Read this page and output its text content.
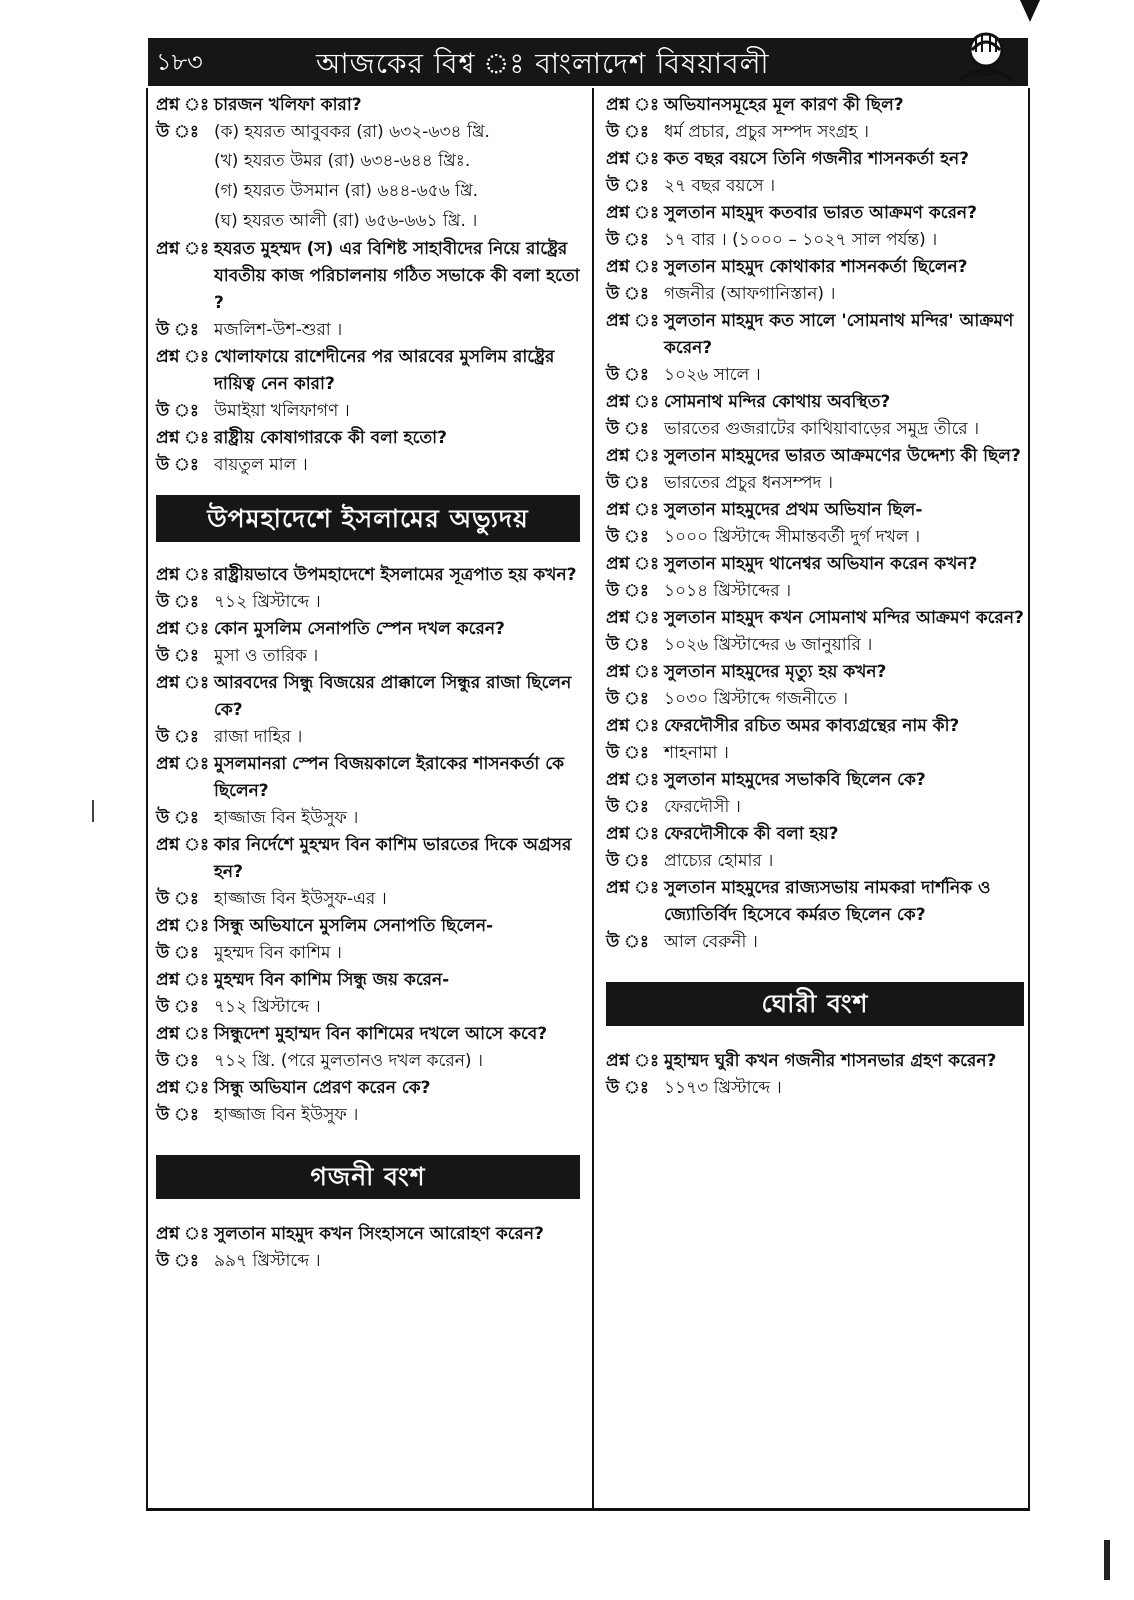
১৮৩	আজকের বিশ্ব ঃ বাংলাদেশ বিষয়াবলী
প্রশ্ন ঃ চারজন খলিফা কারা?
উ ঃ (ক) হযরত আবুবকর (রা) ৬৩২-৬৩৪ খ্রি.
(খ) হযরত উমর (রা) ৬৩৪-৬৪৪ খ্রিঃ.
(গ) হযরত উসমান (রা) ৬৪৪-৬৫৬ খ্রি.
(ঘ) হযরত আলী (রা) ৬৫৬-৬৬১ খ্রি. ।
প্রশ্ন ঃ হযরত মুহম্মদ (স) এর বিশিষ্ট সাহাবীদের নিয়ে রাষ্ট্রের যাবতীয় কাজ পরিচালনায় গঠিত সভাকে কী বলা হতো ?
উ ঃ মজলিশ-উশ-শুরা ।
প্রশ্ন ঃ খোলাফায়ে রাশেদীনের পর আরবের মুসলিম রাষ্ট্রের দায়িত্ব নেন কারা?
উ ঃ উমাইয়া খলিফাগণ ।
প্রশ্ন ঃ রাষ্ট্রীয় কোষাগারকে কী বলা হতো?
উ ঃ বায়তুল মাল ।
উপমহাদেশে ইসলামের অভ্যুদয়
প্রশ্ন ঃ রাষ্ট্রীয়ভাবে উপমহাদেশে ইসলামের সূত্রপাত হয় কখন?
উ ঃ ৭১২ খ্রিস্টাব্দে ।
প্রশ্ন ঃ কোন মুসলিম সেনাপতি স্পেন দখল করেন?
উ ঃ মুসা ও তারিক ।
প্রশ্ন ঃ আরবদের সিন্ধু বিজয়ের প্রাক্কালে সিন্ধুর রাজা ছিলেন কে?
উ ঃ রাজা দাহির ।
প্রশ্ন ঃ মুসলমানরা স্পেন বিজয়কালে ইরাকের শাসনকর্তা কে ছিলেন?
উ ঃ হাজ্জাজ বিন ইউসুফ ।
প্রশ্ন ঃ কার নির্দেশে মুহম্মদ বিন কাশিম ভারতের দিকে অগ্রসর হন?
উ ঃ হাজ্জাজ বিন ইউসুফ-এর ।
প্রশ্ন ঃ সিন্ধু অভিযানে মুসলিম সেনাপতি ছিলেন-
উ ঃ মুহম্মদ বিন কাশিম ।
প্রশ্ন ঃ মুহম্মদ বিন কাশিম সিন্ধু জয় করেন-
উ ঃ ৭১২ খ্রিস্টাব্দে ।
প্রশ্ন ঃ সিন্ধুদেশ মুহাম্মদ বিন কাশিমের দখলে আসে কবে?
উ ঃ ৭১২ খ্রি. (পরে মুলতানও দখল করেন) ।
প্রশ্ন ঃ সিন্ধু অভিযান প্রেরণ করেন কে?
উ ঃ হাজ্জাজ বিন ইউসুফ ।
গজনী বংশ
প্রশ্ন ঃ সুলতান মাহমুদ কখন সিংহাসনে আরোহণ করেন?
উ ঃ ৯৯৭ খ্রিস্টাব্দে ।
প্রশ্ন ঃ অভিযানসমূহের মূল কারণ কী ছিল?
উ ঃ ধর্ম প্রচার, প্রচুর সম্পদ সংগ্রহ ।
প্রশ্ন ঃ কত বছর বয়সে তিনি গজনীর শাসনকর্তা হন?
উ ঃ ২৭ বছর বয়সে ।
প্রশ্ন ঃ সুলতান মাহমুদ কতবার ভারত আক্রমণ করেন?
উ ঃ ১৭ বার । (১০০০ – ১০২৭ সাল পর্যন্ত) ।
প্রশ্ন ঃ সুলতান মাহমুদ কোথাকার শাসনকর্তা ছিলেন?
উ ঃ গজনীর (আফগানিস্তান) ।
প্রশ্ন ঃ সুলতান মাহমুদ কত সালে 'সোমনাথ মন্দির' আক্রমণ করেন?
উ ঃ ১০২৬ সালে ।
প্রশ্ন ঃ সোমনাথ মন্দির কোথায় অবস্থিত?
উ ঃ ভারতের গুজরাটের কাথিয়াবাড়ের সমুদ্র তীরে ।
প্রশ্ন ঃ সুলতান মাহমুদের ভারত আক্রমণের উদ্দেশ্য কী ছিল?
উ ঃ ভারতের প্রচুর ধনসম্পদ ।
প্রশ্ন ঃ সুলতান মাহমুদের প্রথম অভিযান ছিল-
উ ঃ ১০০০ খ্রিস্টাব্দে সীমান্তবর্তী দুর্গ দখল ।
প্রশ্ন ঃ সুলতান মাহমুদ থানেশ্বর অভিযান করেন কখন?
উ ঃ ১০১৪ খ্রিস্টাব্দের ।
প্রশ্ন ঃ সুলতান মাহমুদ কখন সোমনাথ মন্দির আক্রমণ করেন?
উ ঃ ১০২৬ খ্রিস্টাব্দের ৬ জানুয়ারি ।
প্রশ্ন ঃ সুলতান মাহমুদের মৃত্যু হয় কখন?
উ ঃ ১০৩০ খ্রিস্টাব্দে গজনীতে ।
প্রশ্ন ঃ ফেরদৌসীর রচিত অমর কাব্যগ্রন্থের নাম কী?
উ ঃ শাহনামা ।
প্রশ্ন ঃ সুলতান মাহমুদের সভাকবি ছিলেন কে?
উ ঃ ফেরদৌসী ।
প্রশ্ন ঃ ফেরদৌসীকে কী বলা হয়?
উ ঃ প্রাচ্যের হোমার ।
প্রশ্ন ঃ সুলতান মাহমুদের রাজ্যসভায় নামকরা দার্শনিক ও জ্যোতির্বিদ হিসেবে কর্মরত ছিলেন কে?
উ ঃ আল বেরুনী ।
ঘোরী বংশ
প্রশ্ন ঃ মুহাম্মদ ঘুরী কখন গজনীর শাসনভার গ্রহণ করেন?
উ ঃ ১১৭৩ খ্রিস্টাব্দে ।
